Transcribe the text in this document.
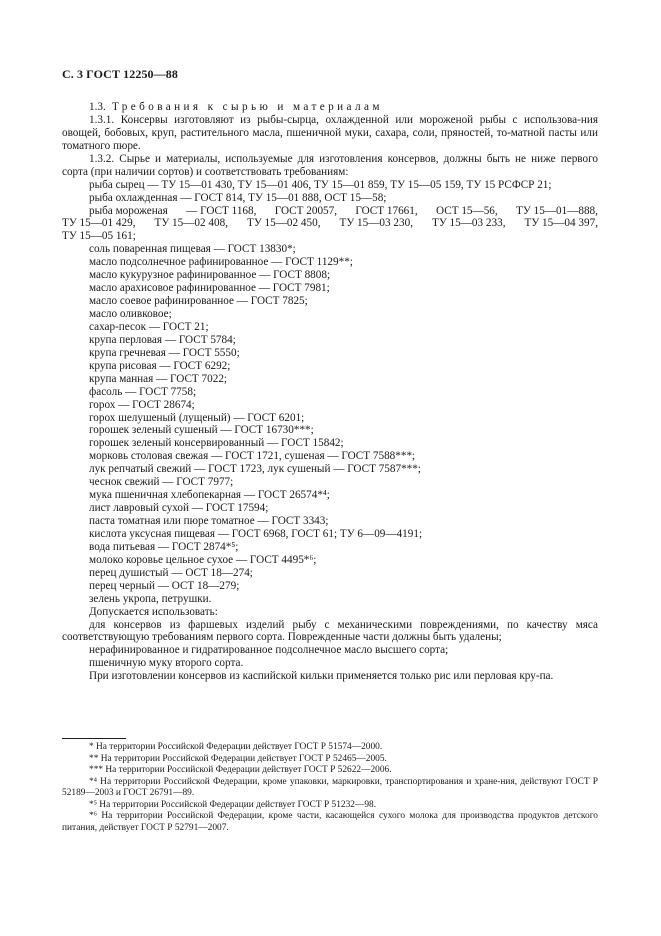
С. 3 ГОСТ 12250—88

1.3. Требования к сырью и материалам

1.3.1. Консервы изготовляют из рыбы-сырца, охлажденной или мороженой рыбы с использова-ния овощей, бобовых, круп, растительного масла, пшеничной муки, сахара, соли, пряностей, то-матной пасты или томатного пюре.

1.3.2. Сырье и материалы, используемые для изготовления консервов, должны быть не ниже первого сорта (при наличии сортов) и соответствовать требованиям:

рыба сырец — ТУ 15—01 430, ТУ 15—01 406, ТУ 15—01 859, ТУ 15—05 159, ТУ 15 РСФСР 21;

рыба охлажденная — ГОСТ 814, ТУ 15—01 888, ОСТ 15—58;

рыба мороженая — ГОСТ 1168, ГОСТ 20057, ГОСТ 17661, ОСТ 15—56, ТУ 15—01—888,
ТУ 15—01 429, ТУ 15—02 408, ТУ 15—02 450, ТУ 15—03 230, ТУ 15—03 233, ТУ 15—04 397,

ТУ 15—05 161;

соль поваренная пищевая — ГОСТ 13830*;

масло подсолнечное рафинированное — ГОСТ 1129**;

масло кукурузное рафинированное — ГОСТ 8808;

масло арахисовое рафинированное — ГОСТ 7981;

масло соевое рафинированное — ГОСТ 7825;

масло оливковое;

сахар-песок — ГОСТ 21;

крупа перловая — ГОСТ 5784;

крупа гречневая — ГОСТ 5550;

крупа рисовая — ГОСТ 6292;

крупа манная — ГОСТ 7022;

фасоль — ГОСТ 7758;

горох — ГОСТ 28674;

горох шелушеный (лущеный) — ГОСТ 6201;

горошек зеленый сушеный — ГОСТ 16730***;

горошек зеленый консервированный — ГОСТ 15842;

морковь столовая свежая — ГОСТ 1721, сушеная — ГОСТ 7588***;

лук репчатый свежий — ГОСТ 1723, лук сушеный — ГОСТ 7587***;

чеснок свежий — ГОСТ 7977;

мука пшеничная хлебопекарная — ГОСТ 26574*⁴;

лист лавровый сухой — ГОСТ 17594;

паста томатная или пюре томатное — ГОСТ 3343;

кислота уксусная пищевая — ГОСТ 6968, ГОСТ 61; ТУ 6—09—4191;

вода питьевая — ГОСТ 2874*⁵;

молоко коровье цельное сухое — ГОСТ 4495*⁶;

перец душистый — ОСТ 18—274;

перец черный — ОСТ 18—279;

зелень укропа, петрушки.

Допускается использовать:

для консервов из фаршевых изделий рыбу с механическими повреждениями, по качеству мяса соответствующую требованиям первого сорта. Поврежденные части должны быть удалены;

нерафинированное и гидратированное подсолнечное масло высшего сорта;

пшеничную муку второго сорта.

При изготовлении консервов из каспийской кильки применяется только рис или перловая кру-па.

* На территории Российской Федерации действует ГОСТ Р 51574—2000.

** На территории Российской Федерации действует ГОСТ Р 52465—2005.

*** На территории Российской Федерации действует ГОСТ Р 52622—2006.

*⁴ На территории Российской Федерации, кроме упаковки, маркировки, транспортирования и хране-ния, действуют ГОСТ Р 52189—2003 и ГОСТ 26791—89.

*⁵ На территории Российской Федерации действует ГОСТ Р 51232—98.

*⁶ На территории Российской Федерации, кроме части, касающейся сухого молока для производства продуктов детского питания, действует ГОСТ Р 52791—2007.
